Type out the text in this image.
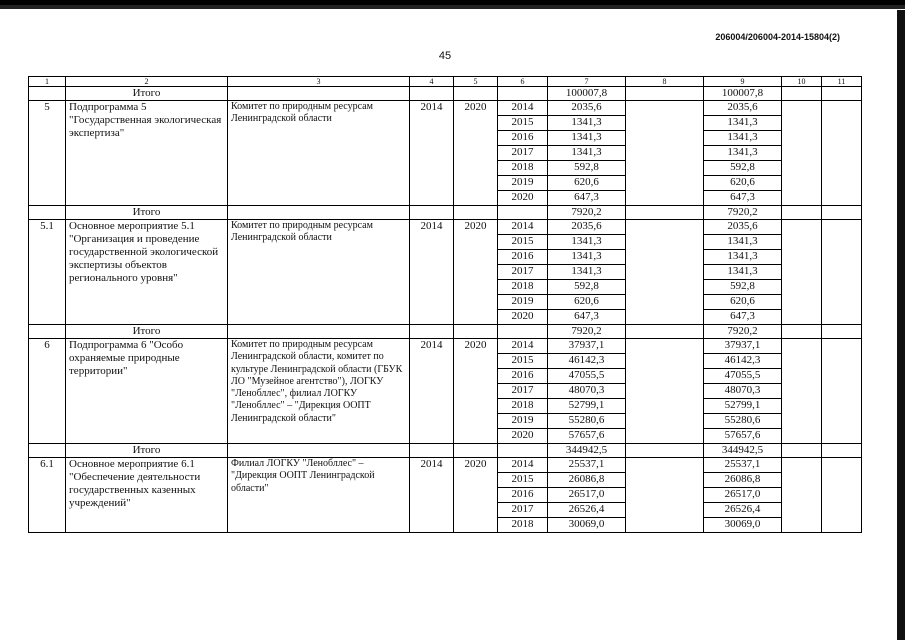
206004/206004-2014-15804(2)
45
1	2	3	4	5	6	7	8	9	10	11
	Итого					100007,8		100007,8		
5	Подпрограмма 5 "Государственная экологическая экспертиза"	Комитет по природным ресурсам Ленинградской области	2014	2020	2014	2035,6		2035,6		
					2015	1341,3		1341,3		
					2016	1341,3		1341,3		
					2017	1341,3		1341,3		
					2018	592,8		592,8		
					2019	620,6		620,6		
					2020	647,3		647,3		
	Итого					7920,2		7920,2		
5.1	Основное мероприятие 5.1 "Организация и проведение государственной экологической экспертизы объектов регионального уровня"	Комитет по природным ресурсам Ленинградской области	2014	2020	2014	2035,6		2035,6		
					2015	1341,3		1341,3		
					2016	1341,3		1341,3		
					2017	1341,3		1341,3		
					2018	592,8		592,8		
					2019	620,6		620,6		
					2020	647,3		647,3		
	Итого					7920,2		7920,2		
6	Подпрограмма 6 "Особо охраняемые природные территории"	Комитет по природным ресурсам Ленинградской области, комитет по культуре Ленинградской области (ГБУК ЛО "Музейное агентство"), ЛОГКУ "Ленобллес", филиал ЛОГКУ "Ленобллес" – "Дирекция ООПТ Ленинградской области"	2014	2020	2014	37937,1		37937,1		
					2015	46142,3		46142,3		
					2016	47055,5		47055,5		
					2017	48070,3		48070,3		
					2018	52799,1		52799,1		
					2019	55280,6		55280,6		
					2020	57657,6		57657,6		
	Итого					344942,5		344942,5		
6.1	Основное мероприятие 6.1 "Обеспечение деятельности государственных казенных учреждений"	Филиал ЛОГКУ "Ленобллес" – "Дирекция ООПТ Ленинградской области"	2014	2020	2014	25537,1		25537,1		
					2015	26086,8		26086,8		
					2016	26517,0		26517,0		
					2017	26526,4		26526,4		
					2018	30069,0		30069,0		
